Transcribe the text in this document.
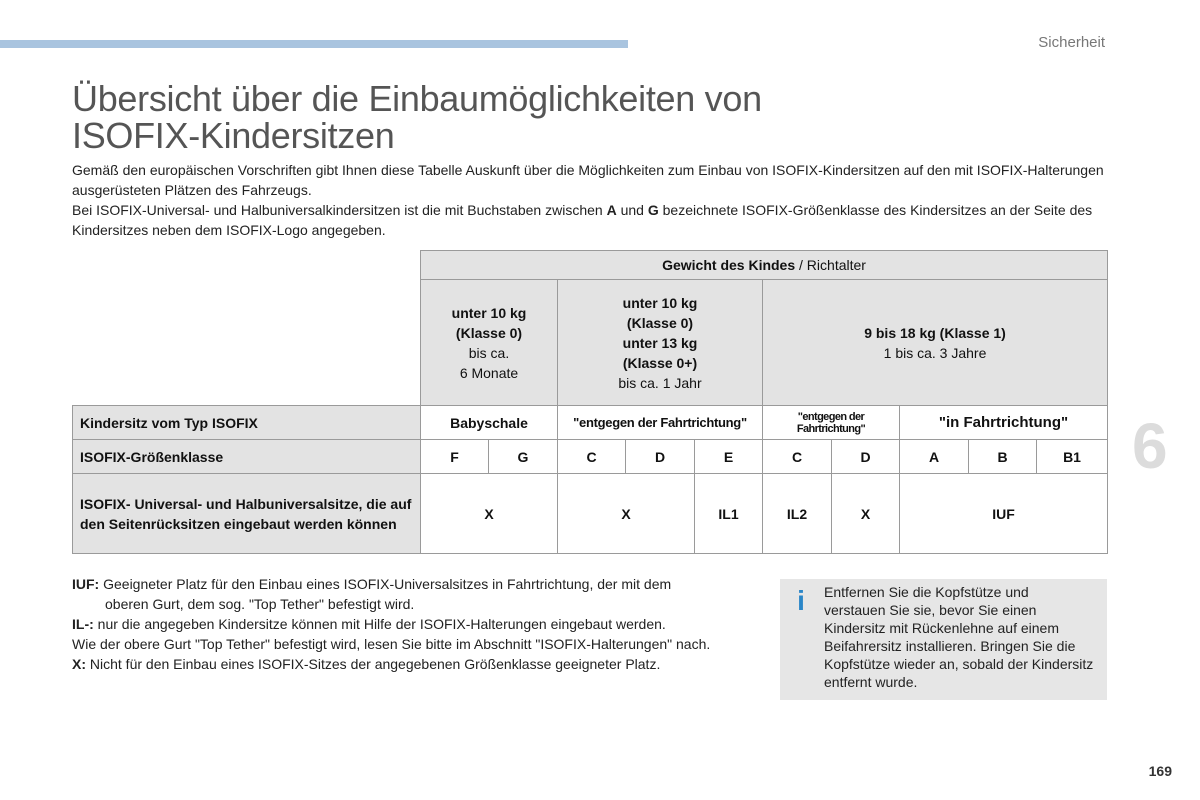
Sicherheit
Übersicht über die Einbaumöglichkeiten von
ISOFIX-Kindersitzen

Gemäß den europäischen Vorschriften gibt Ihnen diese Tabelle Auskunft über die Möglichkeiten zum Einbau von ISOFIX-Kindersitzen auf den mit ISOFIX-Halterungen ausgerüsteten Plätzen des Fahrzeugs.

Bei ISOFIX-Universal- und Halbuniversalkindersitzen ist die mit Buchstaben zwischen A und G bezeichnete ISOFIX-Größenklasse des Kindersitzes an der Seite des Kindersitzes neben dem ISOFIX-Logo angegeben.

	Gewicht des Kindes / Richtalter									

	unter 10 kg
(Klasse 0)
bis ca.
6 Monate		unter 10 kg
(Klasse 0)
unter 13 kg
(Klasse 0+)
bis ca. 1 Jahr			9 bis 18 kg (Klasse 1)
1 bis ca. 3 Jahre				

Kindersitz vom Typ ISOFIX	Babyschale		"entgegen der Fahrtrichtung"			"entgegen der Fahrtrichtung"		"in Fahrtrichtung"		
ISOFIX-Größenklasse	F	G	C	D	E	C	D	A	B	B1
ISOFIX- Universal- und Halbuniversalsitze, die auf den Seitenrücksitzen eingebaut werden können	X		X		IL1	IL2	X	IUF		

IUF: Geeigneter Platz für den Einbau eines ISOFIX-Universalsitzes in Fahrtrichtung, der mit dem

oberen Gurt, dem sog. "Top Tether" befestigt wird.

IL-: nur die angegeben Kindersitze können mit Hilfe der ISOFIX-Halterungen eingebaut werden.

Wie der obere Gurt "Top Tether" befestigt wird, lesen Sie bitte im Abschnitt "ISOFIX-Halterungen" nach.

X: Nicht für den Einbau eines ISOFIX-Sitzes der angegebenen Größenklasse geeigneter Platz.

i Entfernen Sie die Kopfstütze und verstauen Sie sie, bevor Sie einen Kindersitz mit Rückenlehne auf einem Beifahrersitz installieren. Bringen Sie die Kopfstütze wieder an, sobald der Kindersitz entfernt wurde.
6
169
